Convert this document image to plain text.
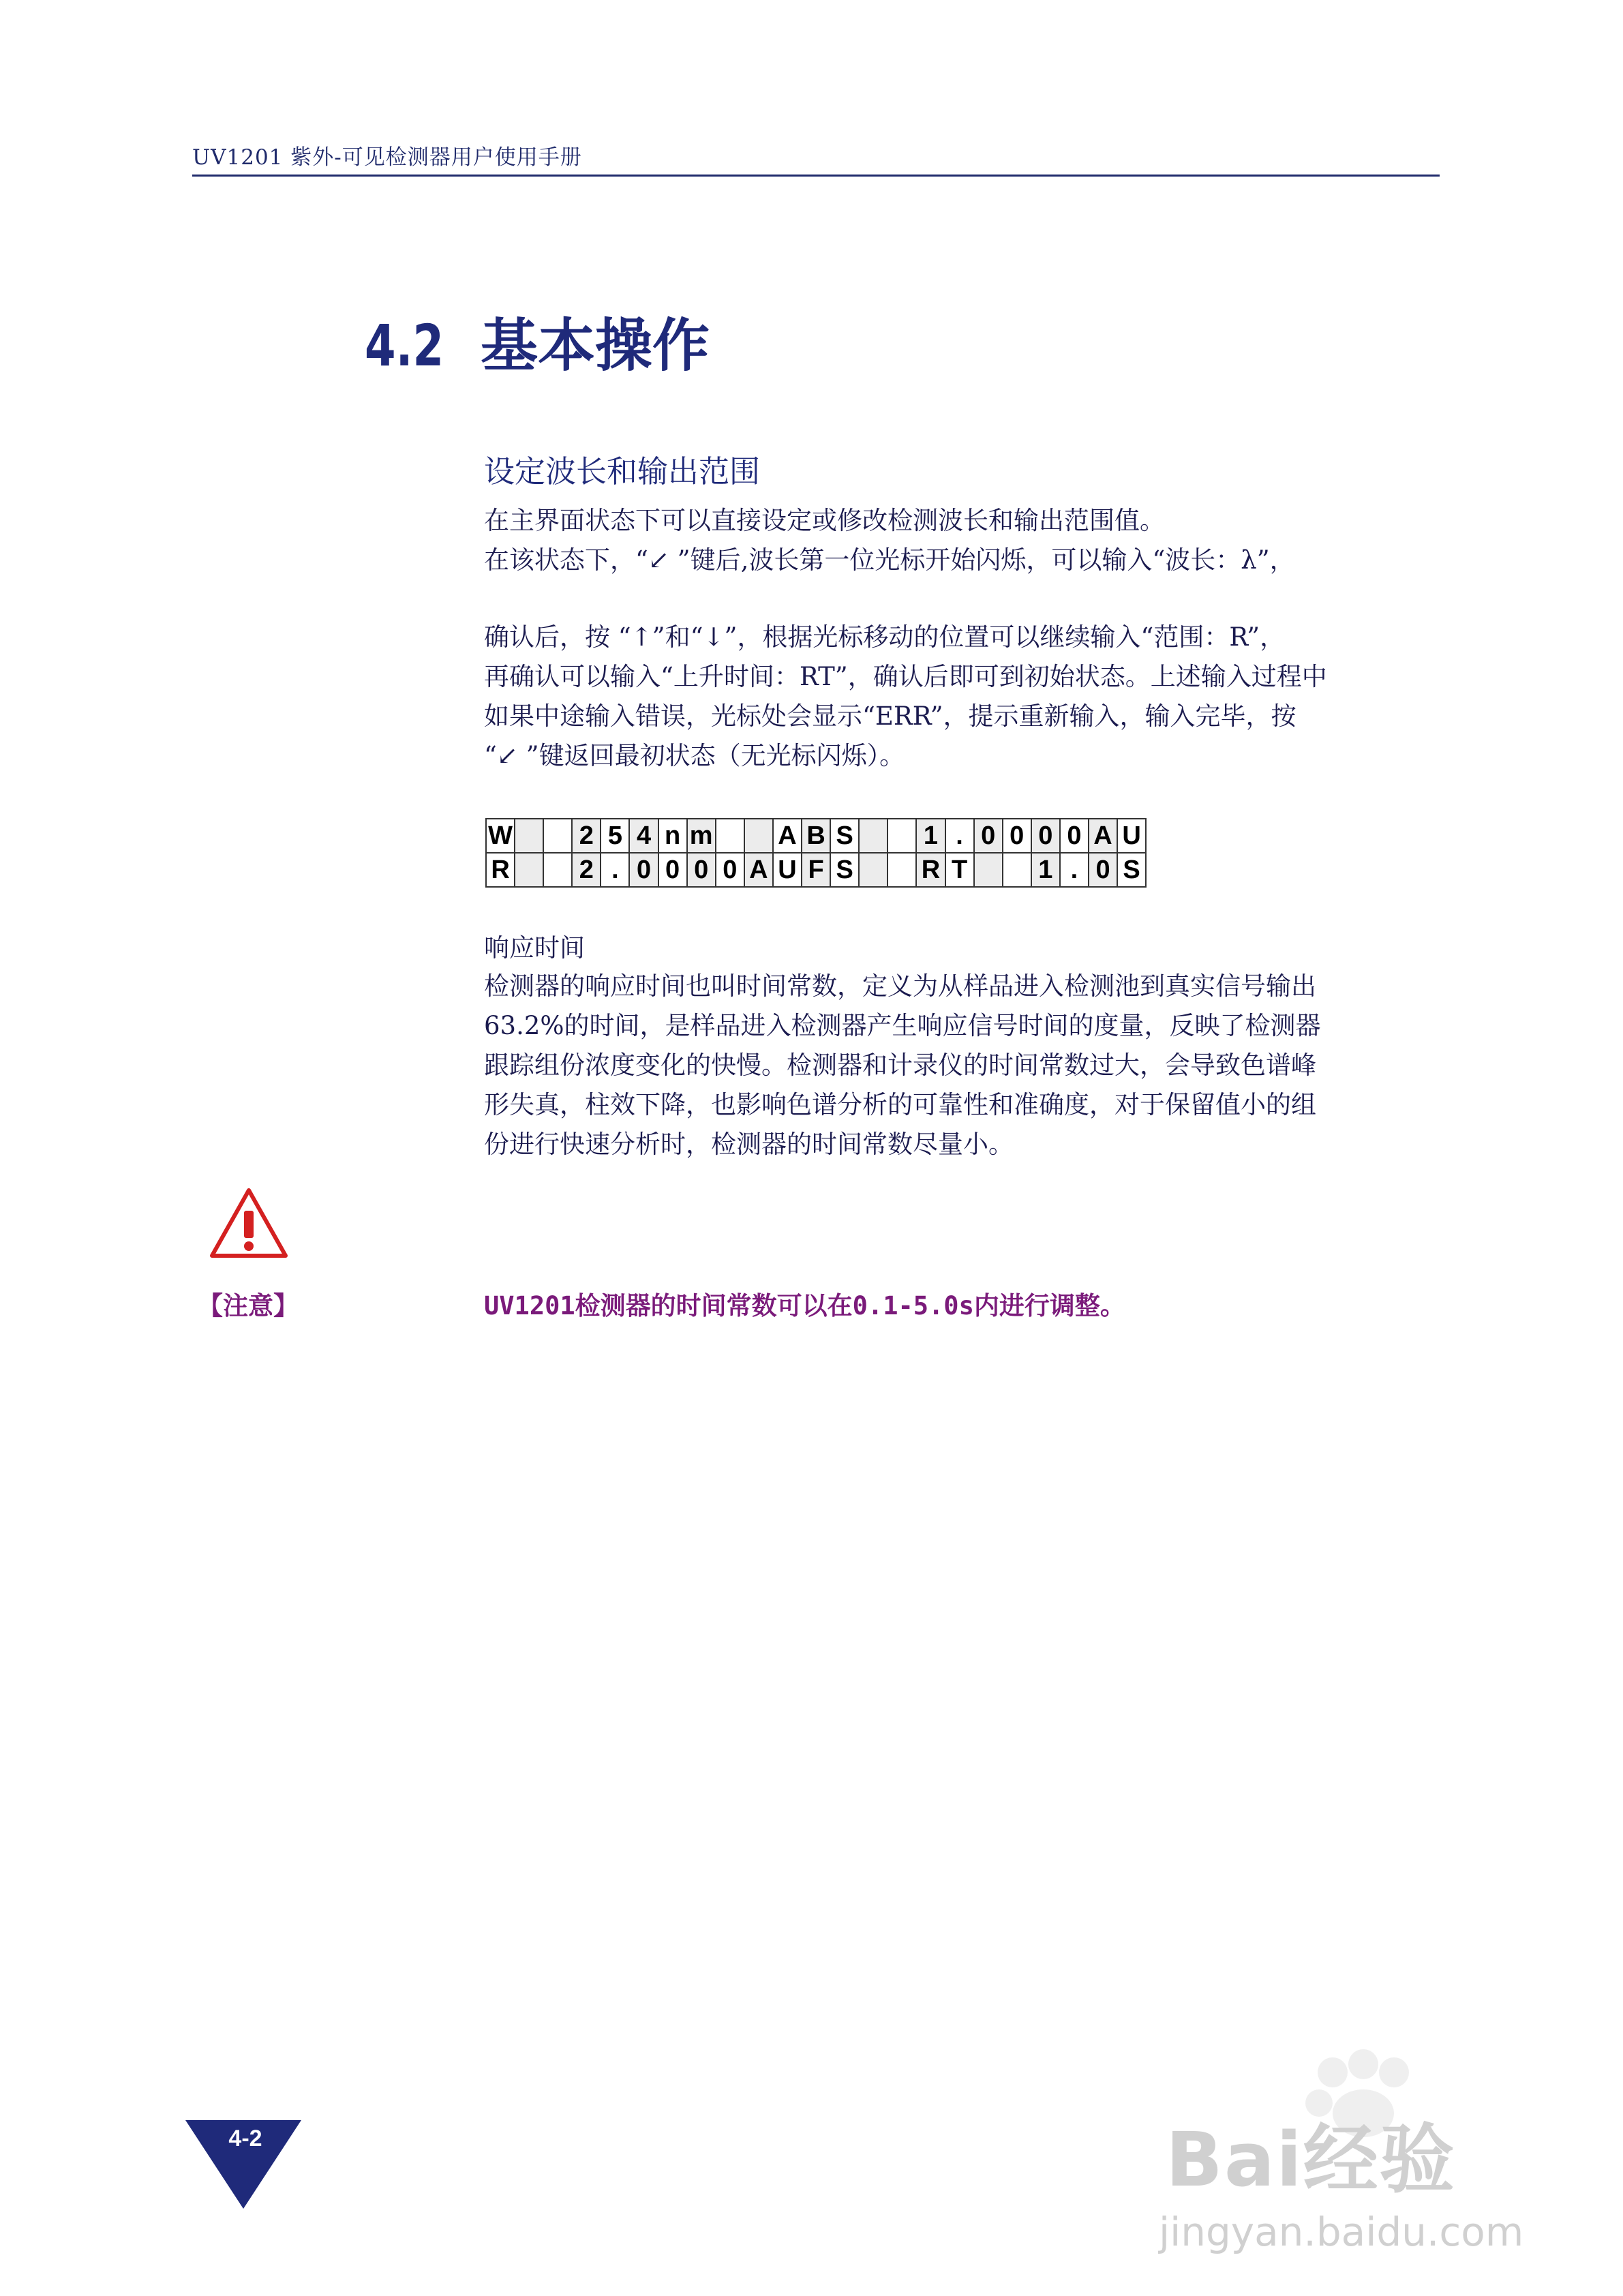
UV1201 紫外-可见检测器用户使用手册
4.2 基本操作
设定波长和输出范围
在主界面状态下可以直接设定或修改检测波长和输出范围值。
在该状态下，“↙ ”键后,波长第一位光标开始闪烁，可以输入“波长：λ”，
确认后，按 “↑”和“↓”，根据光标移动的位置可以继续输入“范围：R”，
再确认可以输入“上升时间：RT”，确认后即可到初始状态。上述输入过程中
如果中途输入错误，光标处会显示“ERR”，提示重新输入，输入完毕，按
“↙ ”键返回最初状态（无光标闪烁）。
W			2	5	4	n	m			A	B	S			1	.	0	0	0	0	A	U
R			2	.	0	0	0	0	A	U	F	S			R	T			1	.	0	S
响应时间
检测器的响应时间也叫时间常数，定义为从样品进入检测池到真实信号输出
63.2%的时间，是样品进入检测器产生响应信号时间的度量，反映了检测器
跟踪组份浓度变化的快慢。检测器和计录仪的时间常数过大，会导致色谱峰
形失真，柱效下降，也影响色谱分析的可靠性和准确度，对于保留值小的组
份进行快速分析时，检测器的时间常数尽量小。
【注意】	UV1201检测器的时间常数可以在0.1-5.0s内进行调整。
4-2	Bai经验
jingyan.baidu.com
